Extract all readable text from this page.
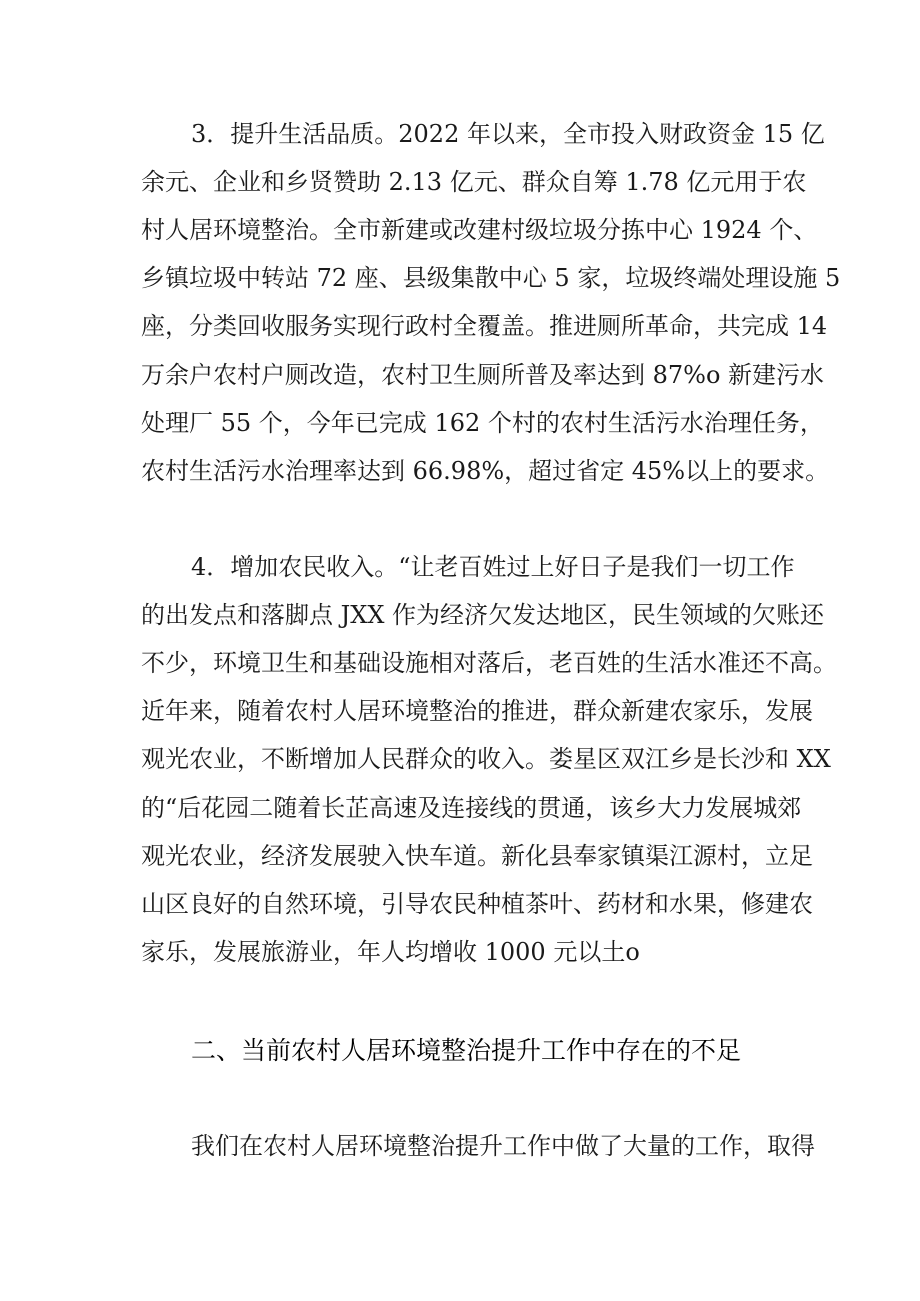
3．提升生活品质。2022 年以来，全市投入财政资金 15 亿

余元、企业和乡贤赞助 2.13 亿元、群众自筹 1.78 亿元用于农

村人居环境整治。全市新建或改建村级垃圾分拣中心 1924 个、

乡镇垃圾中转站 72 座、县级集散中心 5 家，垃圾终端处理设施 5

座，分类回收服务实现行政村全覆盖。推进厕所革命，共完成 14

万余户农村户厕改造，农村卫生厕所普及率达到 87%o 新建污水

处理厂 55 个，今年已完成 162 个村的农村生活污水治理任务，

农村生活污水治理率达到 66.98%，超过省定 45%以上的要求。

4．增加农民收入。“让老百姓过上好日子是我们一切工作

的出发点和落脚点 JXX 作为经济欠发达地区，民生领域的欠账还

不少，环境卫生和基础设施相对落后，老百姓的生活水准还不高。

近年来，随着农村人居环境整治的推进，群众新建农家乐，发展

观光农业，不断增加人民群众的收入。娄星区双江乡是长沙和 XX

的“后花园二随着长芷高速及连接线的贯通，该乡大力发展城郊

观光农业，经济发展驶入快车道。新化县奉家镇渠江源村，立足

山区良好的自然环境，引导农民种植茶叶、药材和水果，修建农

家乐，发展旅游业，年人均增收 1000 元以土o

二、当前农村人居环境整治提升工作中存在的不足

我们在农村人居环境整治提升工作中做了大量的工作，取得
